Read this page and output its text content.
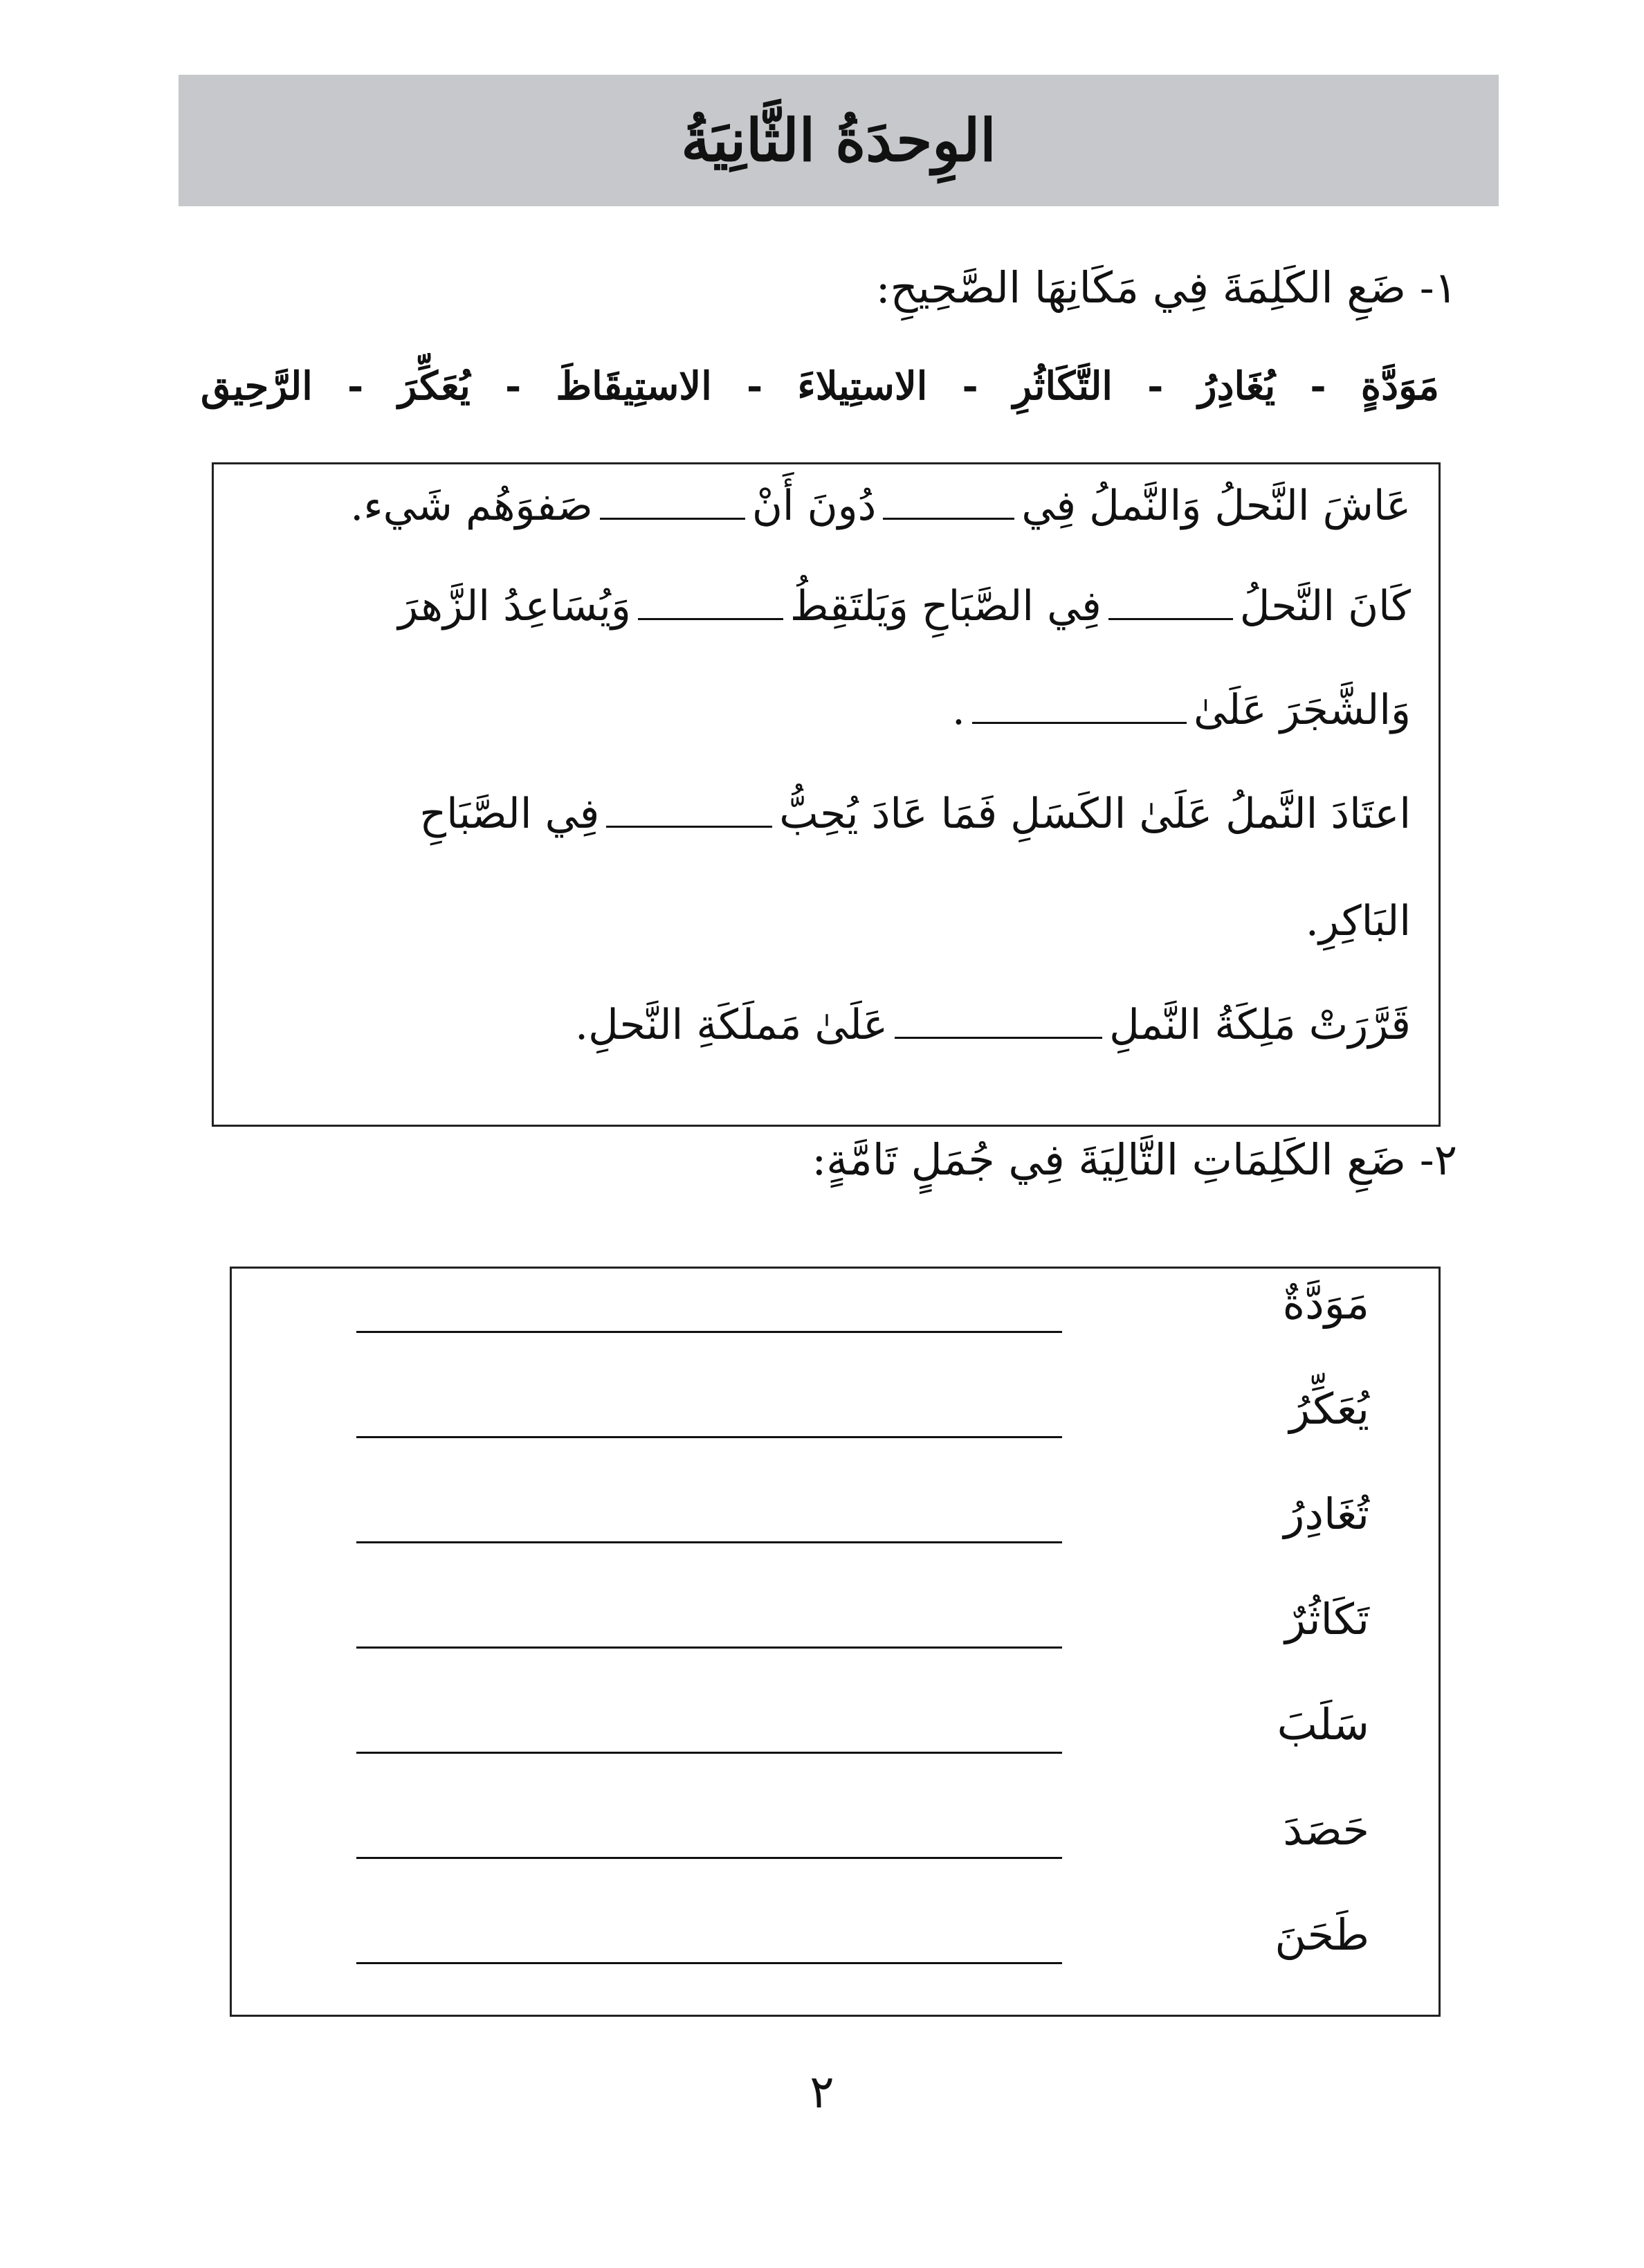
الوِحدَةُ الثَّانِيَةُ
١- ضَعِ الكَلِمَةَ فِي مَكَانِهَا الصَّحِيحِ:
مَوَدَّةٍ
-
يُغَادِرُ
-
التَّكَاثُرِ
-
الاستِيلاءَ
-
الاستِيقَاظَ
-
يُعَكِّرَ
-
الرَّحِيق
عَاشَ النَّحلُ وَالنَّملُ فِيدُونَ أَنْصَفوَهُم شَيء.
كَانَ النَّحلُفِي الصَّبَاحِ وَيَلتَقِطُوَيُسَاعِدُ الزَّهرَ
وَالشَّجَرَ عَلَىٰ.
اعتَادَ النَّملُ عَلَىٰ الكَسَلِ فَمَا عَادَ يُحِبُّفِي الصَّبَاحِ
البَاكِرِ.
قَرَّرَتْ مَلِكَةُ النَّملِعَلَىٰ مَملَكَةِ النَّحلِ.
٢- ضَعِ الكَلِمَاتِ التَّالِيَةَ فِي جُمَلٍ تَامَّةٍ:
مَوَدَّةٌ
يُعَكِّرُ
تُغَادِرُ
تَكَاثُرٌ
سَلَبَ
حَصَدَ
طَحَنَ
٢
